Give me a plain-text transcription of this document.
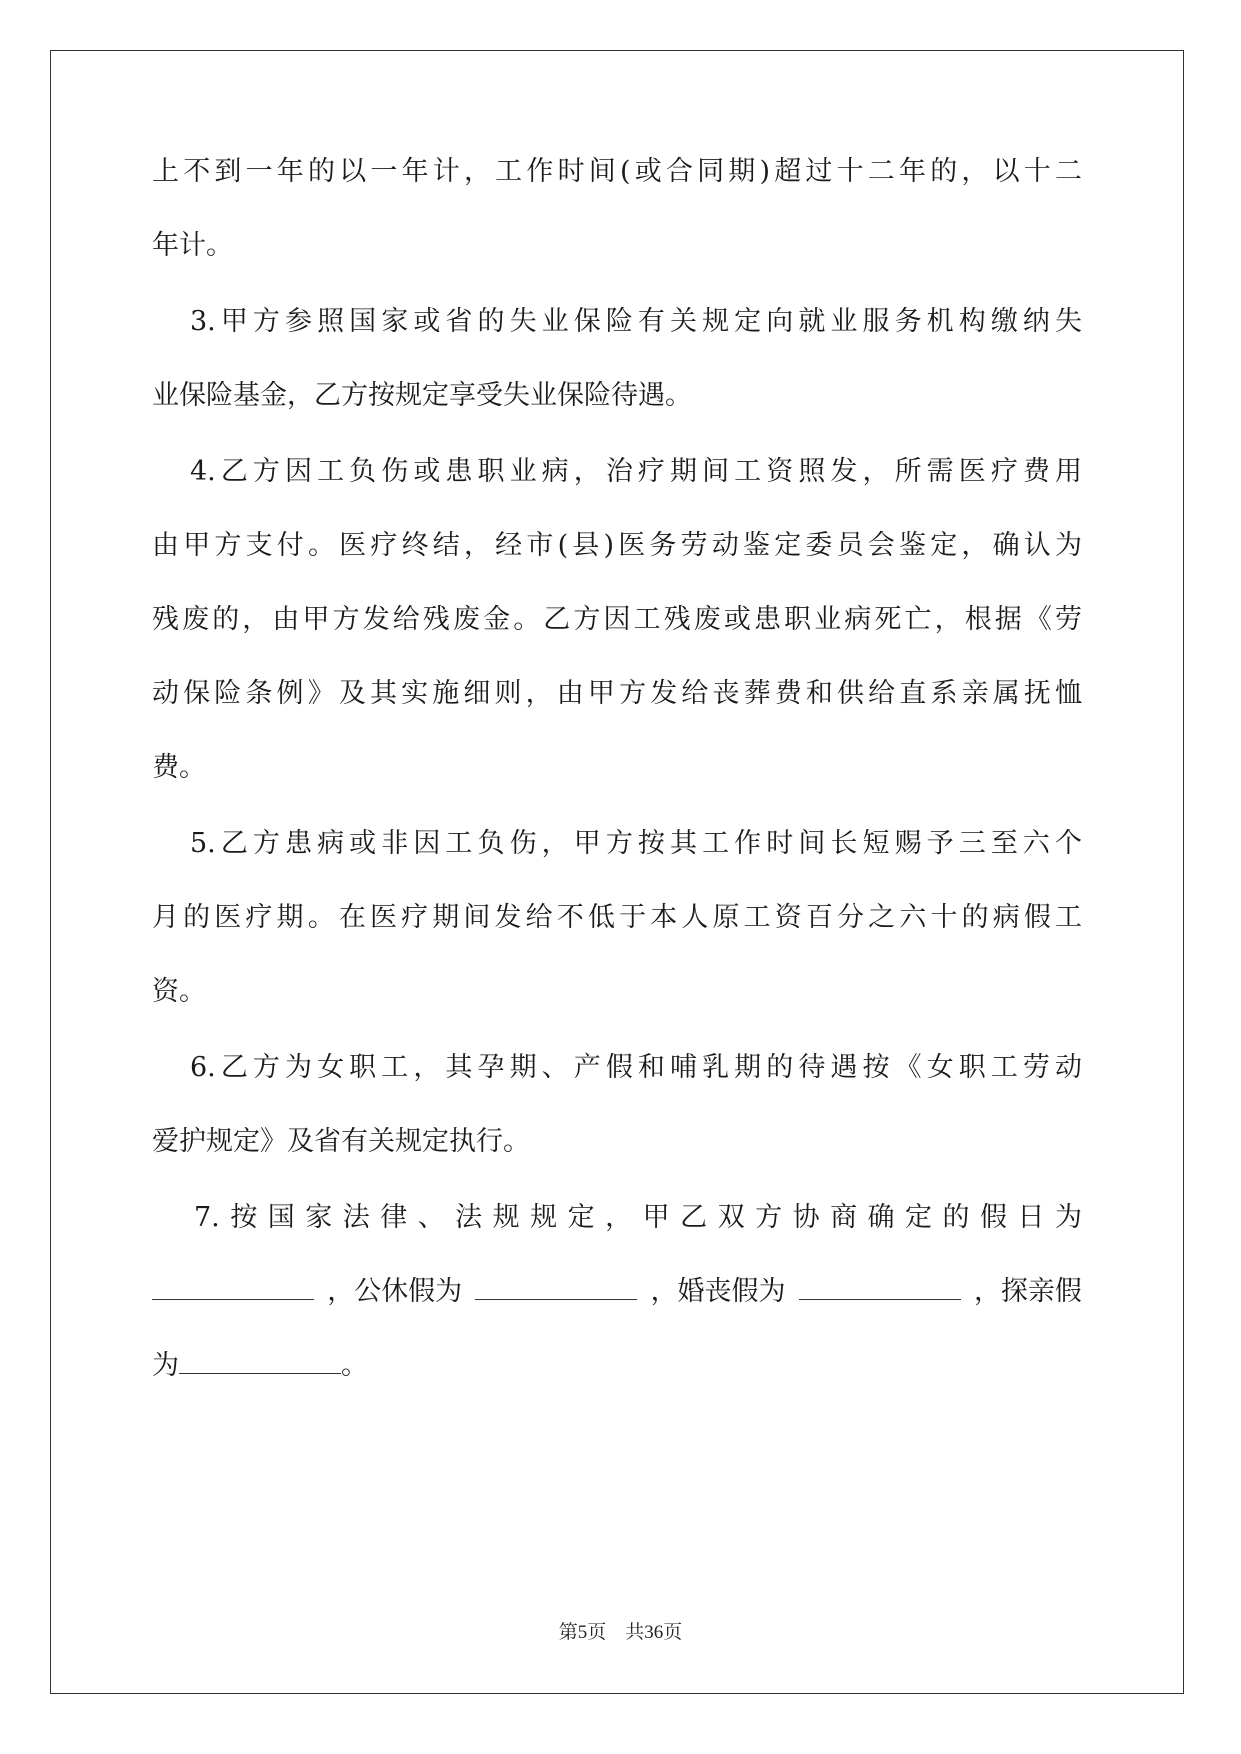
上不到一年的以一年计，工作时间(或合同期)超过十二年的，以十二
年计。
3.甲方参照国家或省的失业保险有关规定向就业服务机构缴纳失
业保险基金，乙方按规定享受失业保险待遇。
4.乙方因工负伤或患职业病，治疗期间工资照发，所需医疗费用
由甲方支付。医疗终结，经市(县)医务劳动鉴定委员会鉴定，确认为
残废的，由甲方发给残废金。乙方因工残废或患职业病死亡，根据《劳
动保险条例》及其实施细则，由甲方发给丧葬费和供给直系亲属抚恤
费。
5.乙方患病或非因工负伤，甲方按其工作时间长短赐予三至六个
月的医疗期。在医疗期间发给不低于本人原工资百分之六十的病假工
资。
6.乙方为女职工，其孕期、产假和哺乳期的待遇按《女职工劳动
爱护规定》及省有关规定执行。
7.按国家法律、法规规定，甲乙双方协商确定的假日为
，公休假为	，婚丧假为	，探亲假
为	。
第5页　共36页
